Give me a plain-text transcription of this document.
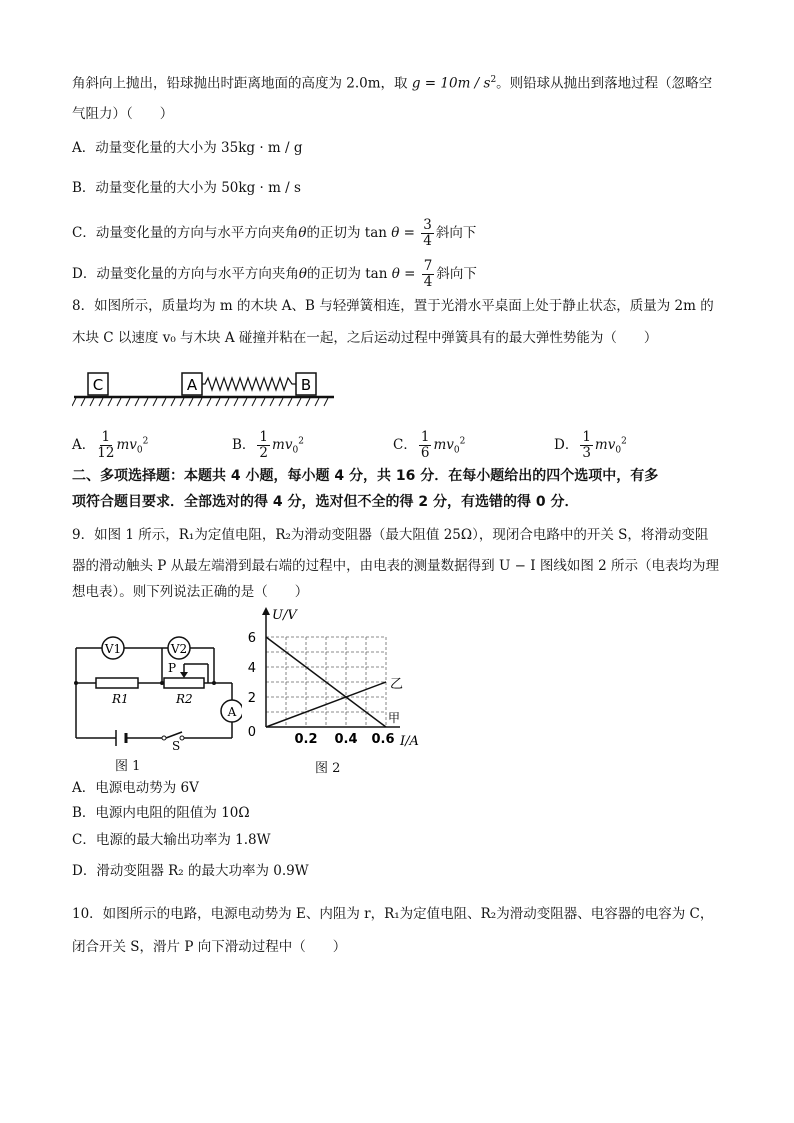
角斜向上抛出，铅球抛出时距离地面的高度为 2.0m，取 $g = 10m / s^2$。则铅球从抛出到落地过程（忽略空
气阻力）（　　）
A．动量变化量的大小为 35kg · m / g
B．动量变化量的大小为 50kg · m / s
C．动量变化量的方向与水平方向夹角θ的正切为 $\tan \theta = \frac{3}{4}$ 斜向下
D．动量变化量的方向与水平方向夹角θ的正切为 $\tan \theta = \frac{7}{4}$ 斜向下
8．如图所示，质量均为 m 的木块 A、B 与轻弹簧相连，置于光滑水平桌面上处于静止状态，质量为 2m 的
木块 C 以速度 v₀ 与木块 A 碰撞并粘在一起，之后运动过程中弹簧具有的最大弹性势能为（　　）
C	A	B
A． $\frac{1}{12} mv_0^2$	B． $\frac{1}{2} mv_0^2$	C． $\frac{1}{6} mv_0^2$	D． $\frac{1}{3} mv_0^2$
二、多项选择题：本题共 4 小题，每小题 4 分，共 16 分．在每小题给出的四个选项中，有多
项符合题目要求．全部选对的得 4 分，选对但不全的得 2 分，有选错的得 0 分．
9．如图 1 所示，R₁为定值电阻，R₂为滑动变阻器（最大阻值 25Ω），现闭合电路中的开关 S，将滑动变阻
器的滑动触头 P 从最左端滑到最右端的过程中，由电表的测量数据得到 U − I 图线如图 2 所示（电表均为理
想电表）。则下列说法正确的是（　　）
V1	V2
P
R1	R2
A
S
图 1
U/V
I/A
6
4
2
0	0.2 0.4 0.6
乙
甲
图 2
A．电源电动势为 6V
B．电源内电阻的阻值为 10Ω
C．电源的最大输出功率为 1.8W
D．滑动变阻器 R₂ 的最大功率为 0.9W
10．如图所示的电路，电源电动势为 E、内阻为 r，R₁为定值电阻、R₂为滑动变阻器、电容器的电容为 C，
闭合开关 S，滑片 P 向下滑动过程中（　　）
